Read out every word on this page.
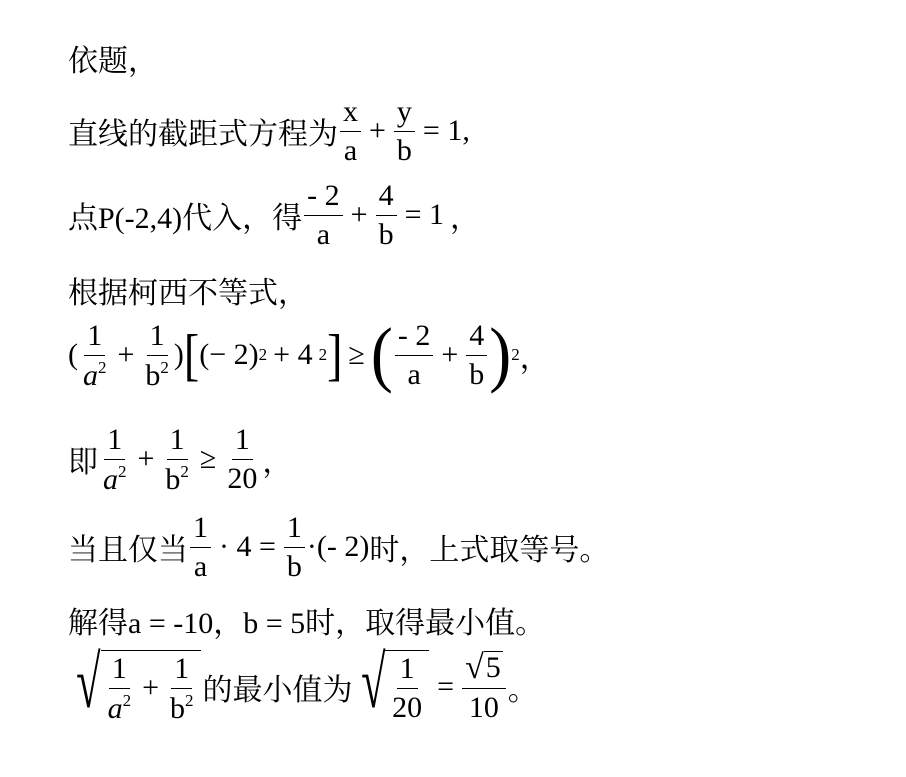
依题，
直线的截距式方程为 $\frac{x}{a} + \frac{y}{b} = 1$,
点P(-2,4)代入，得 $\frac{- 2}{a} + \frac{4}{b} = 1$ ，
根据柯西不等式，
( $\frac{1}{a^2} + \frac{1}{b^2}$ ) [ ( − 2 ) 2 + 4 2 ] ≥ ( $\frac{- 2}{a} + \frac{4}{b}$ ) 2 ，
即 $\frac{1}{a^2} + \frac{1}{b^2} \ge \frac{1}{20}$ ，
当且仅当 $\frac{1}{a} \cdot 4 = \frac{1}{b}$ ·(- 2) 时，上式取等号。
解得a = -10，b = 5时，取得最小值。
√ $\frac{1}{a^2} + \frac{1}{b^2}$ 的最小值为 √ $\frac{1}{20} = \frac{√ 5}{10}$ 。
